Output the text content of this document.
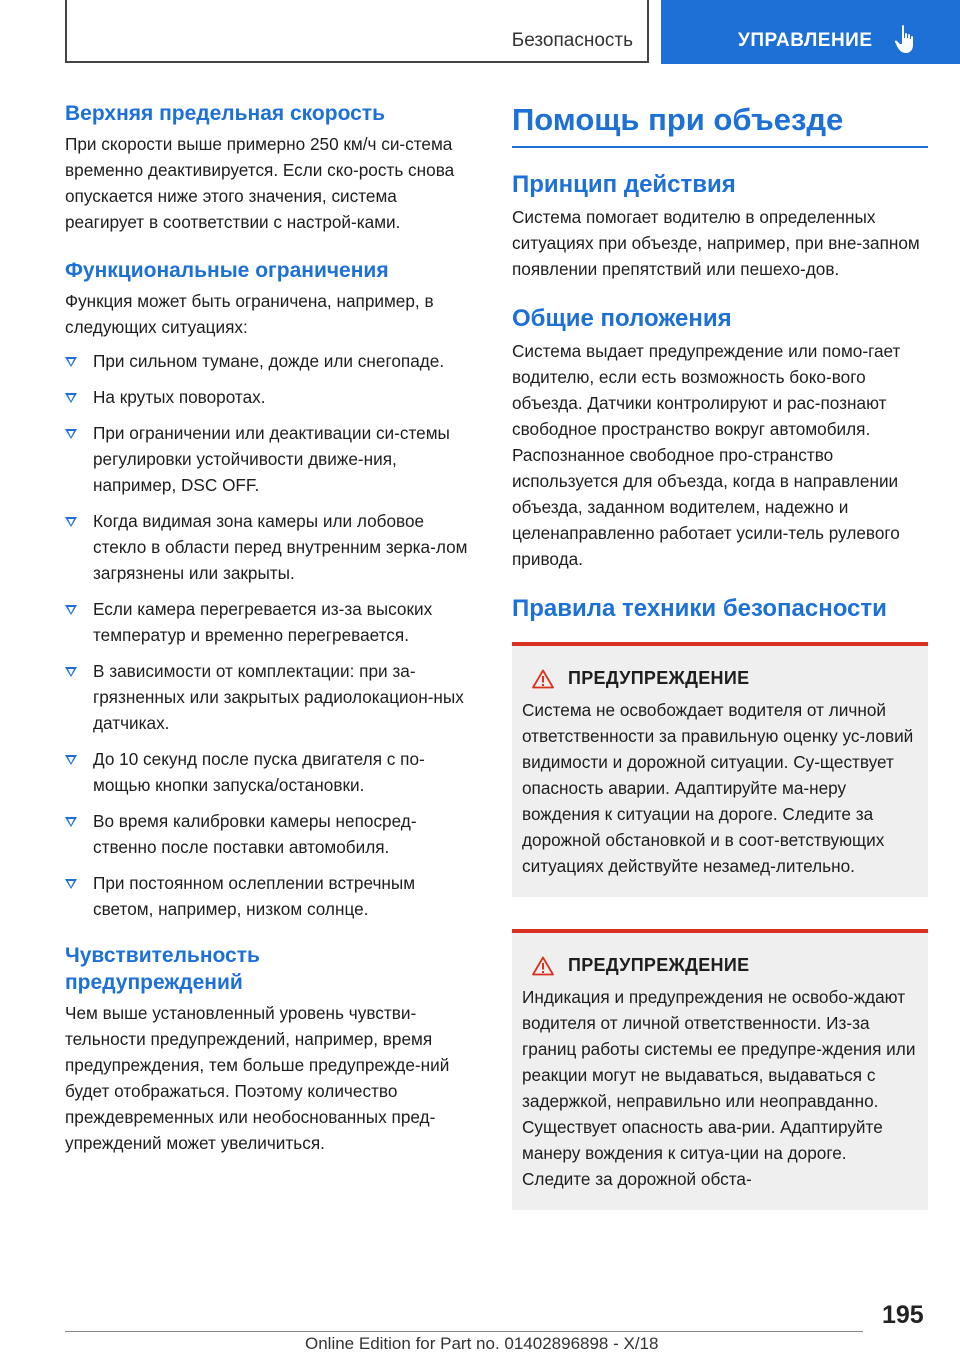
Безопасность	УПРАВЛЕНИЕ
Верхняя предельная скорость
При скорости выше примерно 250 км/ч си-стема временно деактивируется. Если ско-рость снова опускается ниже этого значения, система реагирует в соответствии с настрой-ками.
Функциональные ограничения
Функция может быть ограничена, например, в следующих ситуациях:
При сильном тумане, дожде или снегопаде.
На крутых поворотах.
При ограничении или деактивации си-стемы регулировки устойчивости движе-ния, например, DSC OFF.
Когда видимая зона камеры или лобовое стекло в области перед внутренним зерка-лом загрязнены или закрыты.
Если камера перегревается из-за высоких температур и временно перегревается.
В зависимости от комплектации: при за-грязненных или закрытых радиолокацион-ных датчиках.
До 10 секунд после пуска двигателя с по-мощью кнопки запуска/остановки.
Во время калибровки камеры непосред-ственно после поставки автомобиля.
При постоянном ослеплении встречным светом, например, низком солнце.
Чувствительность
предупреждений
Чем выше установленный уровень чувстви-тельности предупреждений, например, время предупреждения, тем больше предупрежде-ний будет отображаться. Поэтому количество преждевременных или необоснованных пред-упреждений может увеличиться.
Помощь при объезде
Принцип действия
Система помогает водителю в определенных ситуациях при объезде, например, при вне-запном появлении препятствий или пешехо-дов.
Общие положения
Система выдает предупреждение или помо-гает водителю, если есть возможность боко-вого объезда. Датчики контролируют и рас-познают свободное пространство вокруг автомобиля. Распознанное свободное про-странство используется для объезда, когда в направлении объезда, заданном водителем, надежно и целенаправленно работает усили-тель рулевого привода.
Правила техники безопасности
ПРЕДУПРЕЖДЕНИЕ
Система не освобождает водителя от личной ответственности за правильную оценку ус-ловий видимости и дорожной ситуации. Су-ществует опасность аварии. Адаптируйте ма-неру вождения к ситуации на дороге. Следите за дорожной обстановкой и в соот-ветствующих ситуациях действуйте незамед-лительно.
ПРЕДУПРЕЖДЕНИЕ
Индикация и предупреждения не освобо-ждают водителя от личной ответственности. Из-за границ работы системы ее предупре-ждения или реакции могут не выдаваться, выдаваться с задержкой, неправильно или неоправданно. Существует опасность ава-рии. Адаптируйте манеру вождения к ситуа-ции на дороге. Следите за дорожной обста-
195
Online Edition for Part no. 01402896898 - X/18
